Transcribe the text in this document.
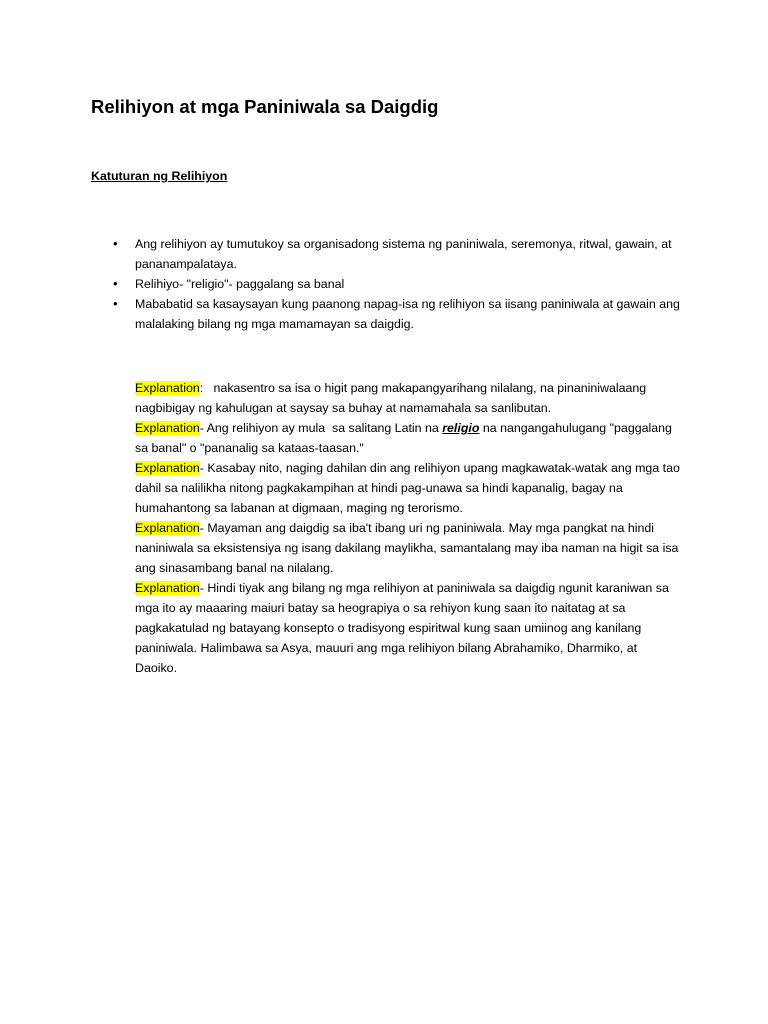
Relihiyon at mga Paniniwala sa Daigdig
Katuturan ng Relihiyon
• Ang relihiyon ay tumutukoy sa organisadong sistema ng paniniwala, seremonya, ritwal, gawain, at pananampalataya.
• Relihiyo- "religio"- paggalang sa banal
• Mababatid sa kasaysayan kung paanong napag-isa ng relihiyon sa iisang paniniwala at gawain ang malalaking bilang ng mga mamamayan sa daigdig.

Explanation:   nakasentro sa isa o higit pang makapangyarihang nilalang, na pinaniniwalaang nagbibigay ng kahulugan at saysay sa buhay at namamahala sa sanlibutan.

Explanation- Ang relihiyon ay mula  sa salitang Latin na religio na nangangahulugang "paggalang sa banal" o "pananalig sa kataas-taasan."

Explanation- Kasabay nito, naging dahilan din ang relihiyon upang magkawatak-watak ang mga tao dahil sa nalilikha nitong pagkakampihan at hindi pag-unawa sa hindi kapanalig, bagay na humahantong sa labanan at digmaan, maging ng terorismo.

Explanation- Mayaman ang daigdig sa iba't ibang uri ng paniniwala. May mga pangkat na hindi naniniwala sa eksistensiya ng isang dakilang maylikha, samantalang may iba naman na higit sa isa ang sinasambang banal na nilalang.

Explanation- Hindi tiyak ang bilang ng mga relihiyon at paniniwala sa daigdig ngunit karaniwan sa mga ito ay maaaring maiuri batay sa heograpiya o sa rehiyon kung saan ito naitatag at sa pagkakatulad ng batayang konsepto o tradisyong espiritwal kung saan umiinog ang kanilang paniniwala. Halimbawa sa Asya, mauuri ang mga relihiyon bilang Abrahamiko, Dharmiko, at Daoiko.
